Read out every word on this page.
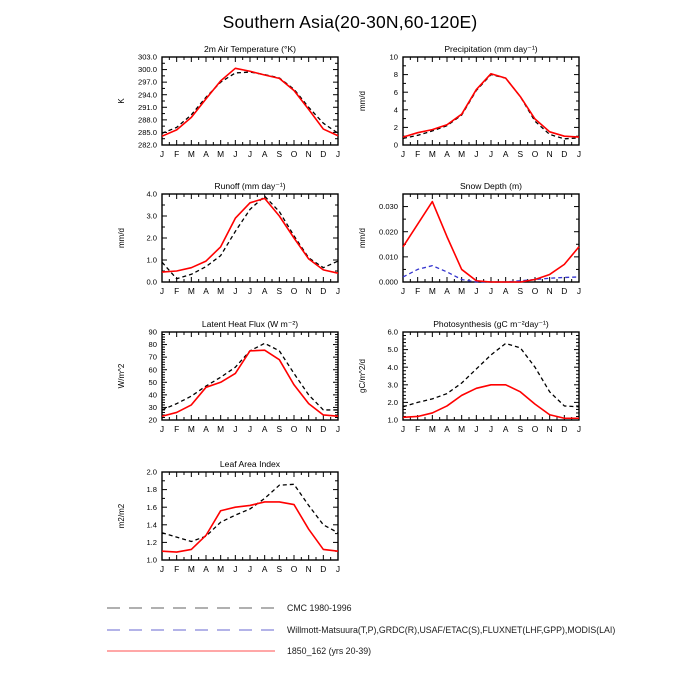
Southern Asia(20-30N,60-120E)
2m Air Temperature (°K)
J F M A M J J A S O N D J
282.0
285.0
288.0
291.0
294.0
297.0
300.0
303.0
K
Precipitation (mm day⁻¹)
J F M A M J J A S O N D J
0
2
4
6
8
10
mm/d
Runoff (mm day⁻¹)
J F M A M J J A S O N D J
0.0
1.0
2.0
3.0
4.0
mm/d
Snow Depth (m)
J F M A M J J A S O N D J
0.000
0.010
0.020
0.030
mm/d
Latent Heat Flux (W m⁻²)
J F M A M J J A S O N D J
20
30
40
50
60
70
80
90
W/m^2
Photosynthesis (gC m⁻²day⁻¹)
J F M A M J J A S O N D J
1.0
2.0
3.0
4.0
5.0
6.0
gC/m^2/d
Leaf Area Index
J F M A M J J A S O N D J
1.0
1.2
1.4
1.6
1.8
2.0
m2/m2
CMC 1980-1996
Willmott-Matsuura(T,P),GRDC(R),USAF/ETAC(S),FLUXNET(LHF,GPP),MODIS(LAI)
1850_162 (yrs 20-39)
